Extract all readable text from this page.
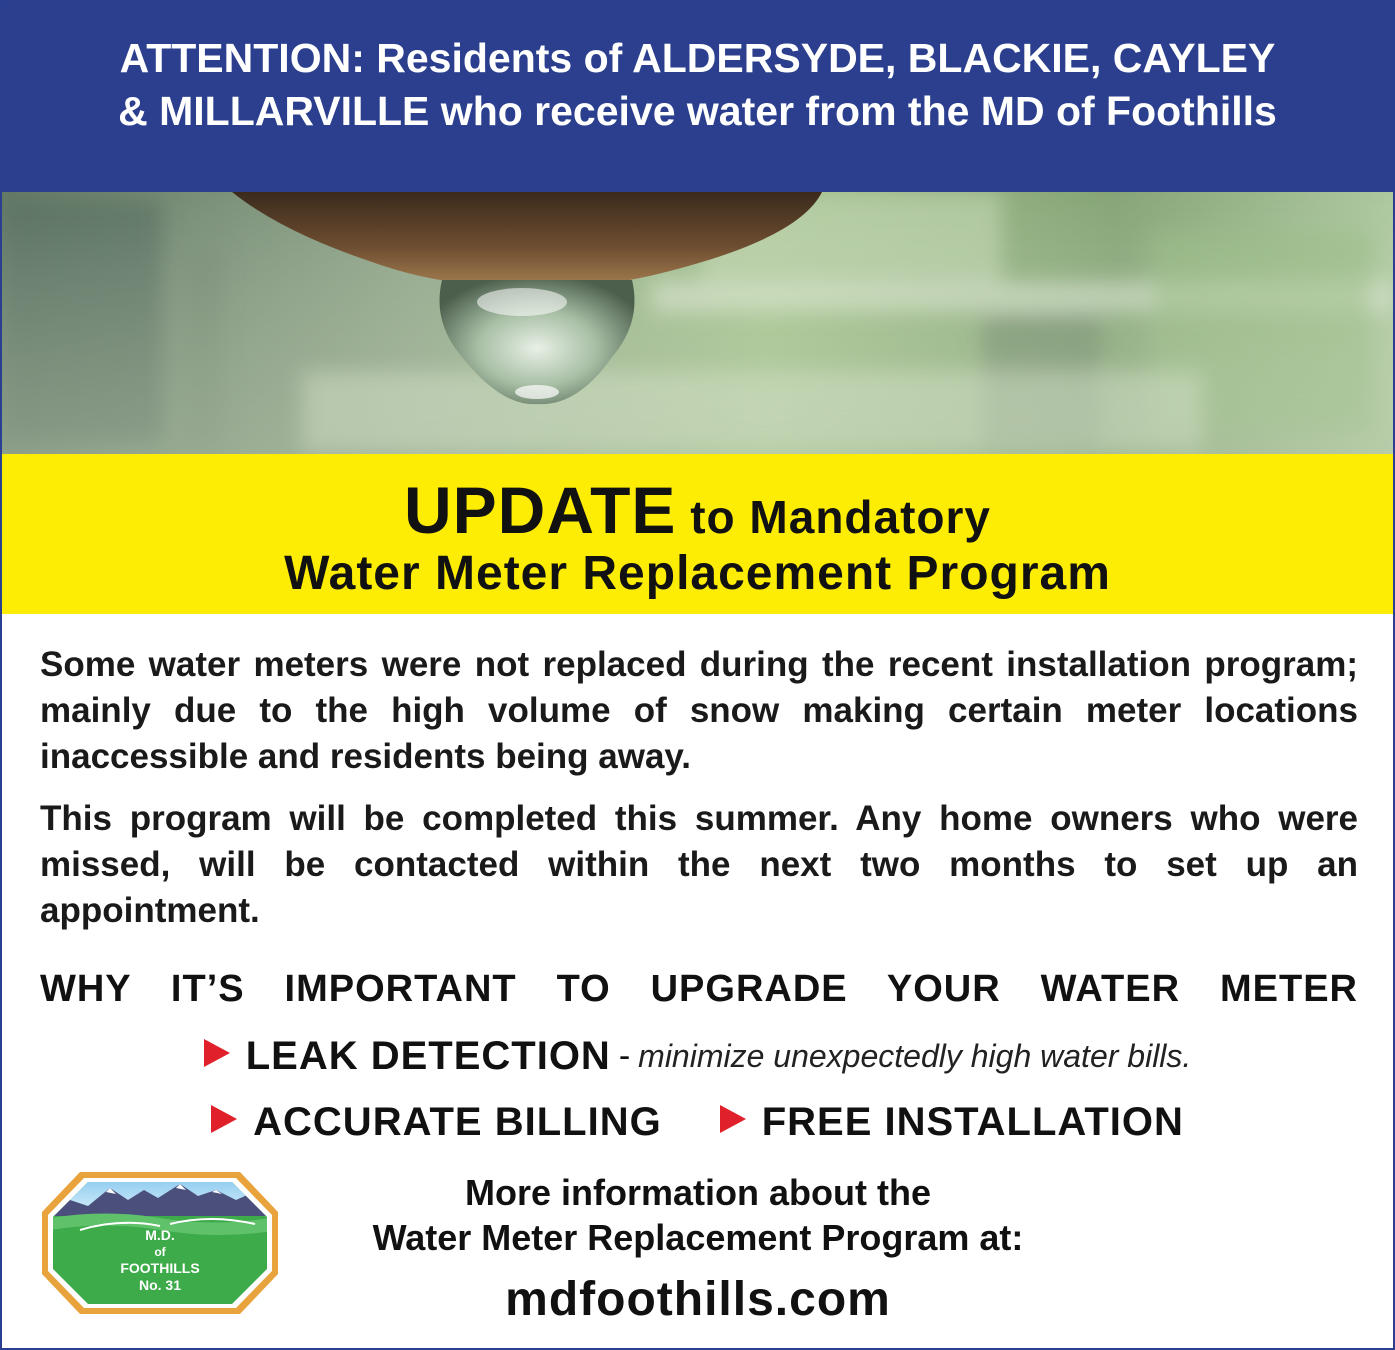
ATTENTION: Residents of ALDERSYDE, BLACKIE, CAYLEY
& MILLARVILLE who receive water from the MD of Foothills
UPDATE to Mandatory
Water Meter Replacement Program

Some water meters were not replaced during the recent installation program; mainly due to the high volume of snow making certain meter locations inaccessible and residents being away.

This program will be completed this summer. Any home owners who were missed, will be contacted within the next two months to set up an appointment.

WHY IT’S IMPORTANT TO UPGRADE YOUR WATER METER
LEAK DETECTION - minimize unexpectedly high water bills.
ACCURATE BILLING	FREE INSTALLATION
M.D.
of
FOOTHILLS
No. 31
More information about the
Water Meter Replacement Program at:
mdfoothills.com
